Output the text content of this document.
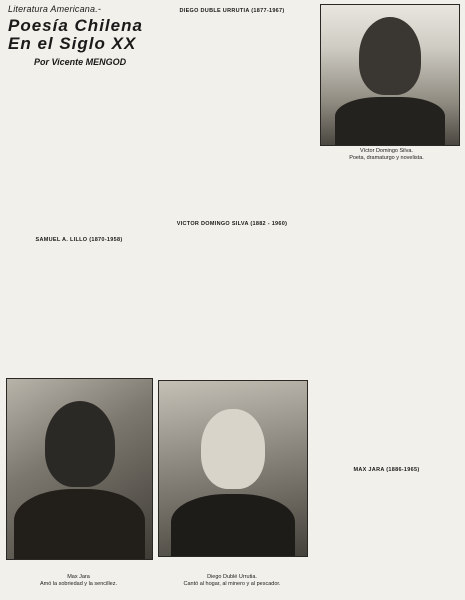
Literatura Americana.-
Poesía Chilena En el Siglo XX
Por Vicente MENGOD
SAMUEL A. LILLO (1870-1958)
DIEGO DUBLE URRUTIA (1877-1967)
VICTOR DOMINGO SILVA (1882 - 1960)
MAX JARA (1886-1965)
Víctor Domingo Silva.
Poeta, dramaturgo y novelista.
Max Jara
Amó la sobriedad y la sencillez.
Diego Dublé Urrutia.
Cantó al hogar, al minero y al pescador.
